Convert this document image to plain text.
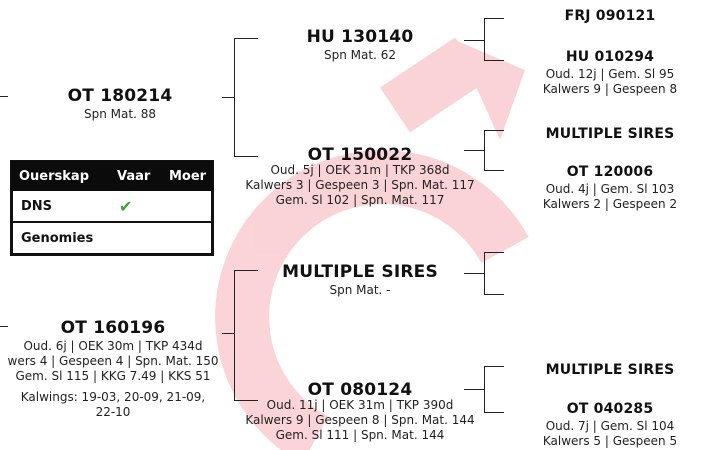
OT 180214
Spn Mat. 88
OT 160196
Oud. 6j | OEK 30m | TKP 434d
wers 4 | Gespeen 4 | Spn. Mat. 150
Gem. Sl 115 | KKG 7.49 | KKS 51
Kalwings: 19-03, 20-09, 21-09,
22-10
HU 130140
Spn Mat. 62
OT 150022
Oud. 5j | OEK 31m | TKP 368d
Kalwers 3 | Gespeen 3 | Spn. Mat. 117
Gem. Sl 102 | Spn. Mat. 117
MULTIPLE SIRES
Spn Mat. -
OT 080124
Oud. 11j | OEK 31m | TKP 390d
Kalwers 9 | Gespeen 8 | Spn. Mat. 144
Gem. Sl 111 | Spn. Mat. 144
FRJ 090121
HU 010294
Oud. 12j | Gem. Sl 95
Kalwers 9 | Gespeen 8
MULTIPLE SIRES
OT 120006
Oud. 4j | Gem. Sl 103
Kalwers 2 | Gespeen 2
MULTIPLE SIRES
OT 040285
Oud. 7j | Gem. Sl 104
Kalwers 5 | Gespeen 5
Ouerskap	Vaar	Moer
DNS	✔
Genomies
